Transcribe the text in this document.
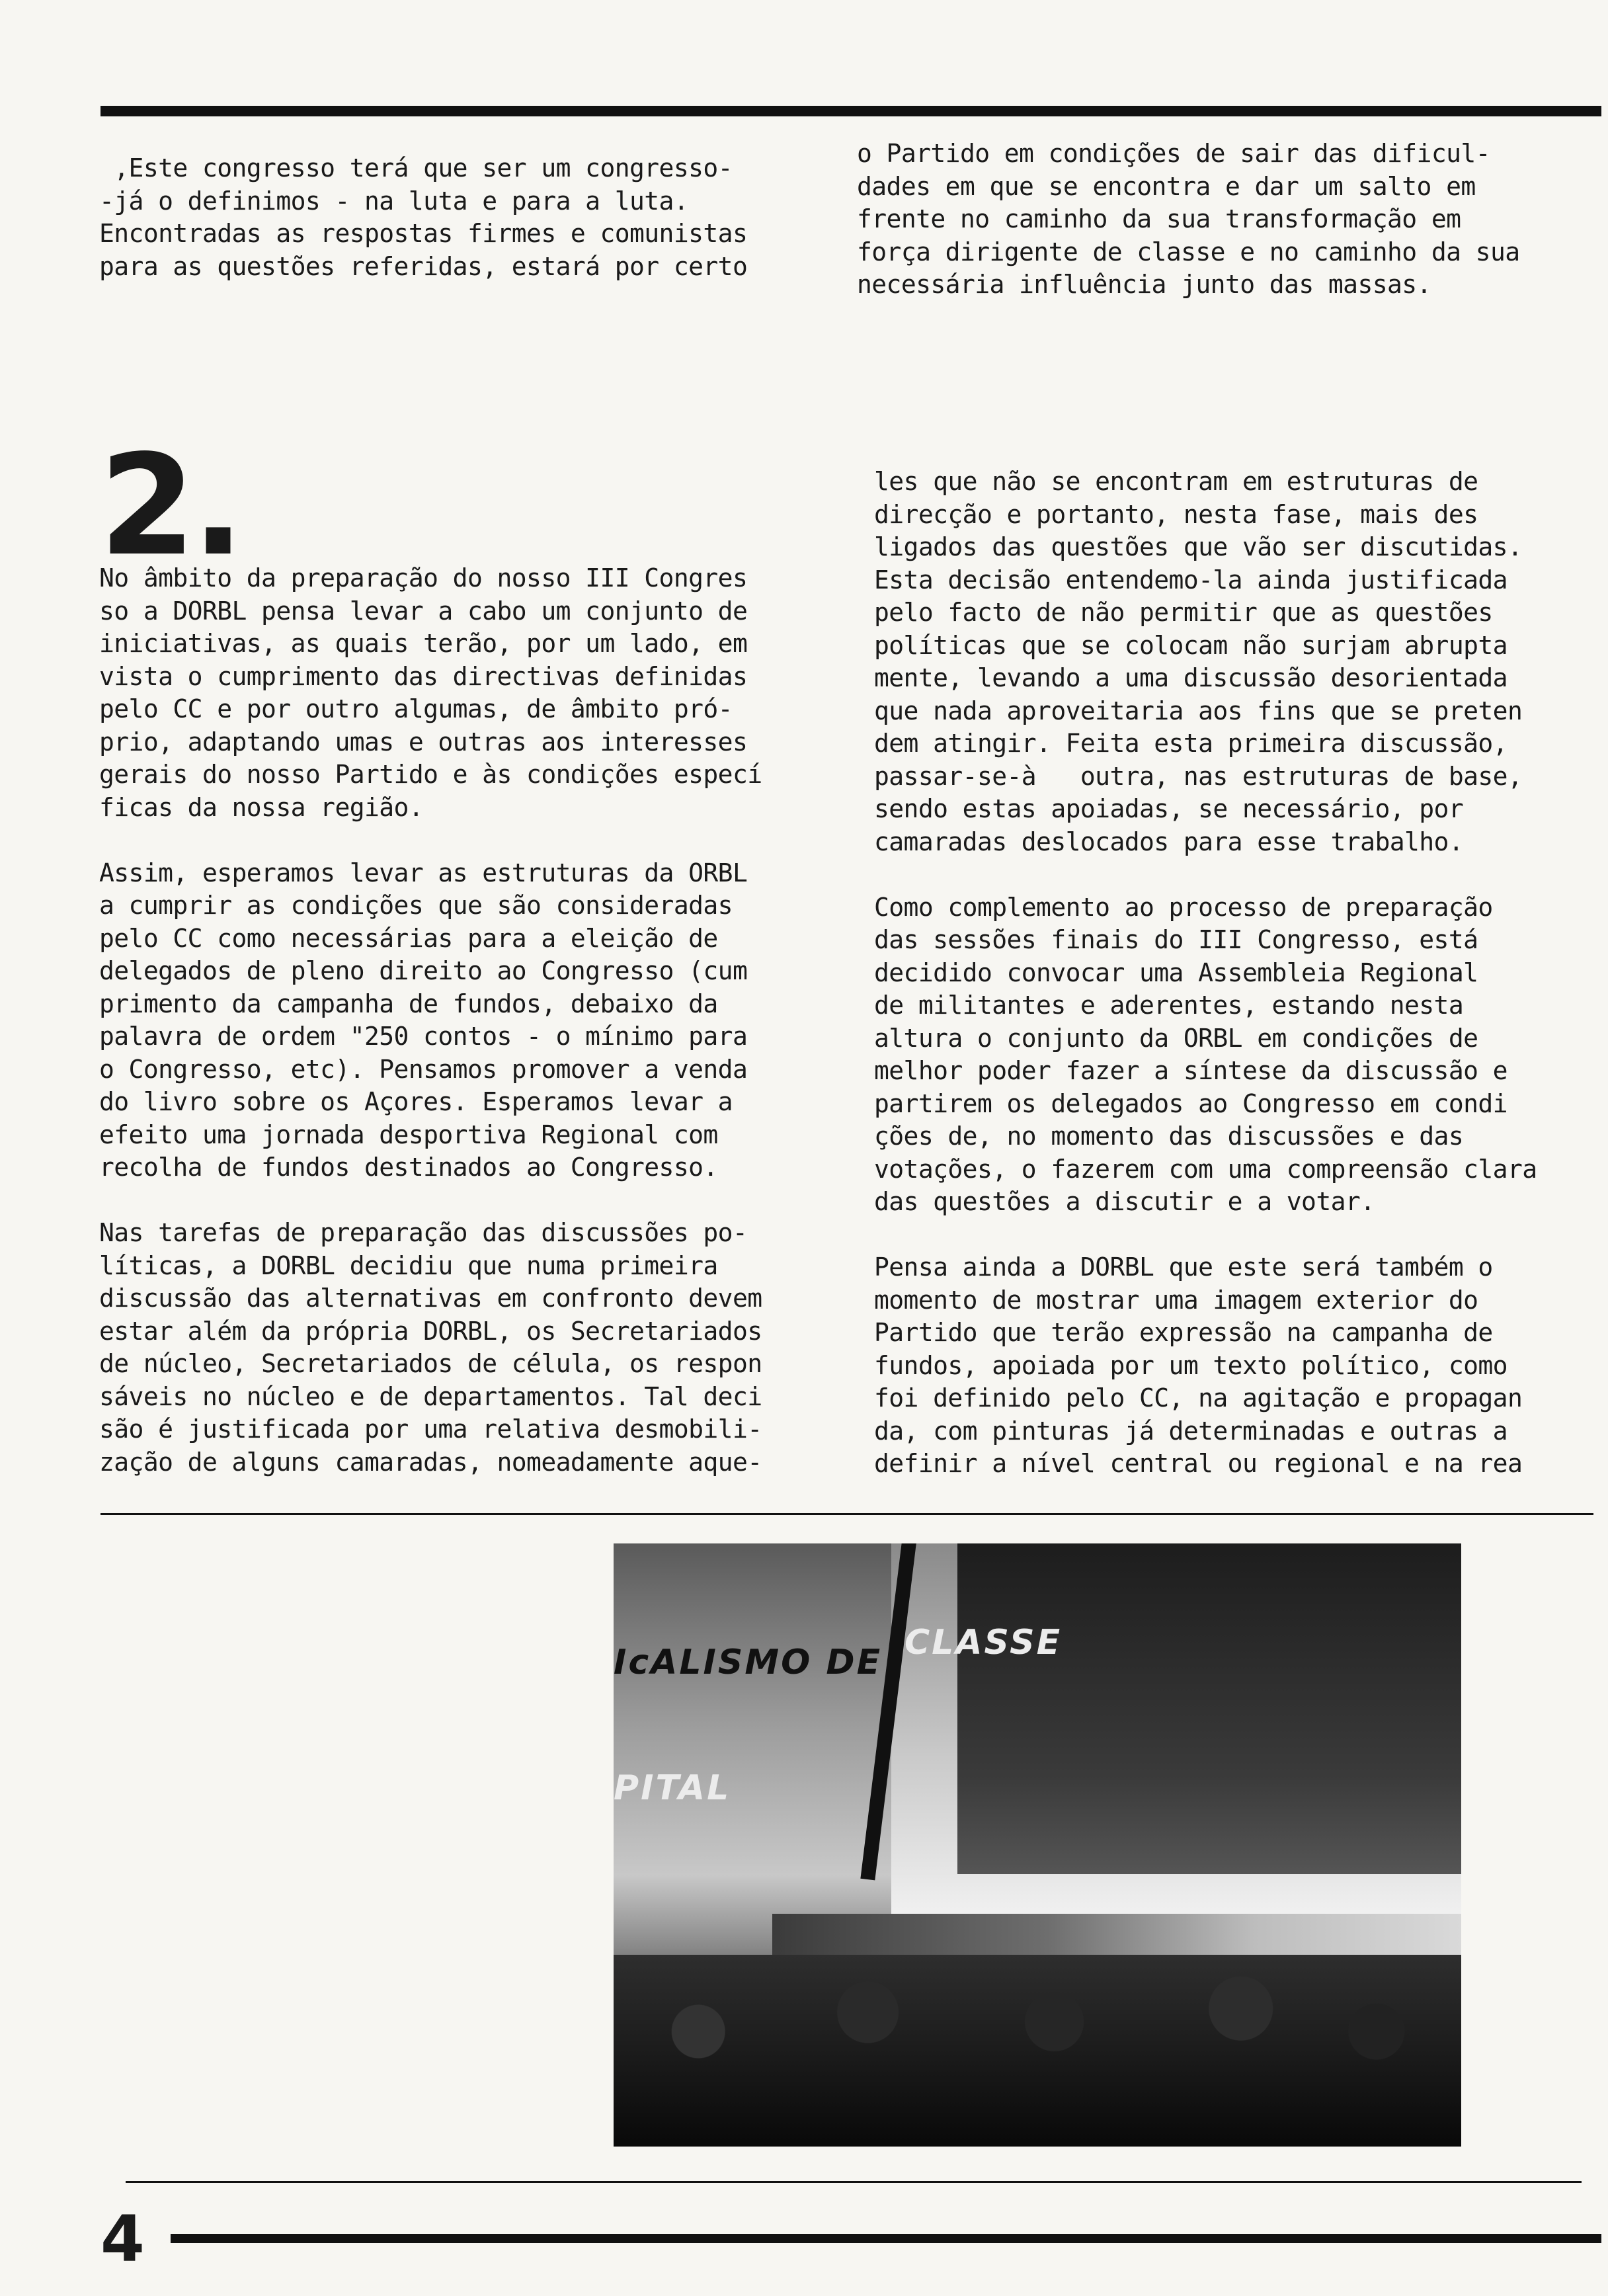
,Este congresso terá que ser um congresso-
-já o definimos - na luta e para a luta.
Encontradas as respostas firmes e comunistas
para as questões referidas, estará por certo
o Partido em condições de sair das dificul-
dades em que se encontra e dar um salto em
frente no caminho da sua transformação em
força dirigente de classe e no caminho da sua
necessária influência junto das massas.
2.
No âmbito da preparação do nosso III Congres
so a DORBL pensa levar a cabo um conjunto de
iniciativas, as quais terão, por um lado, em
vista o cumprimento das directivas definidas
pelo CC e por outro algumas, de âmbito pró-
prio, adaptando umas e outras aos interesses
gerais do nosso Partido e às condições especí
ficas da nossa região.

Assim, esperamos levar as estruturas da ORBL
a cumprir as condições que são consideradas
pelo CC como necessárias para a eleição de
delegados de pleno direito ao Congresso (cum
primento da campanha de fundos, debaixo da
palavra de ordem "250 contos - o mínimo para
o Congresso, etc). Pensamos promover a venda
do livro sobre os Açores. Esperamos levar a
efeito uma jornada desportiva Regional com
recolha de fundos destinados ao Congresso.

Nas tarefas de preparação das discussões po-
líticas, a DORBL decidiu que numa primeira
discussão das alternativas em confronto devem
estar além da própria DORBL, os Secretariados
de núcleo, Secretariados de célula, os respon
sáveis no núcleo e de departamentos. Tal deci
são é justificada por uma relativa desmobili-
zação de alguns camaradas, nomeadamente aque-
les que não se encontram em estruturas de
direcção e portanto, nesta fase, mais des
ligados das questões que vão ser discutidas.
Esta decisão entendemo-la ainda justificada
pelo facto de não permitir que as questões
políticas que se colocam não surjam abrupta
mente, levando a uma discussão desorientada
que nada aproveitaria aos fins que se preten
dem atingir. Feita esta primeira discussão,
passar-se-à   outra, nas estruturas de base,
sendo estas apoiadas, se necessário, por
camaradas deslocados para esse trabalho.

Como complemento ao processo de preparação
das sessões finais do III Congresso, está
decidido convocar uma Assembleia Regional
de militantes e aderentes, estando nesta
altura o conjunto da ORBL em condições de
melhor poder fazer a síntese da discussão e
partirem os delegados ao Congresso em condi
ções de, no momento das discussões e das
votações, o fazerem com uma compreensão clara
das questões a discutir e a votar.

Pensa ainda a DORBL que este será também o
momento de mostrar uma imagem exterior do
Partido que terão expressão na campanha de
fundos, apoiada por um texto político, como
foi definido pelo CC, na agitação e propagan
da, com pinturas já determinadas e outras a
definir a nível central ou regional e na rea
IcALISMO DE CLASSE
PITAL
4
